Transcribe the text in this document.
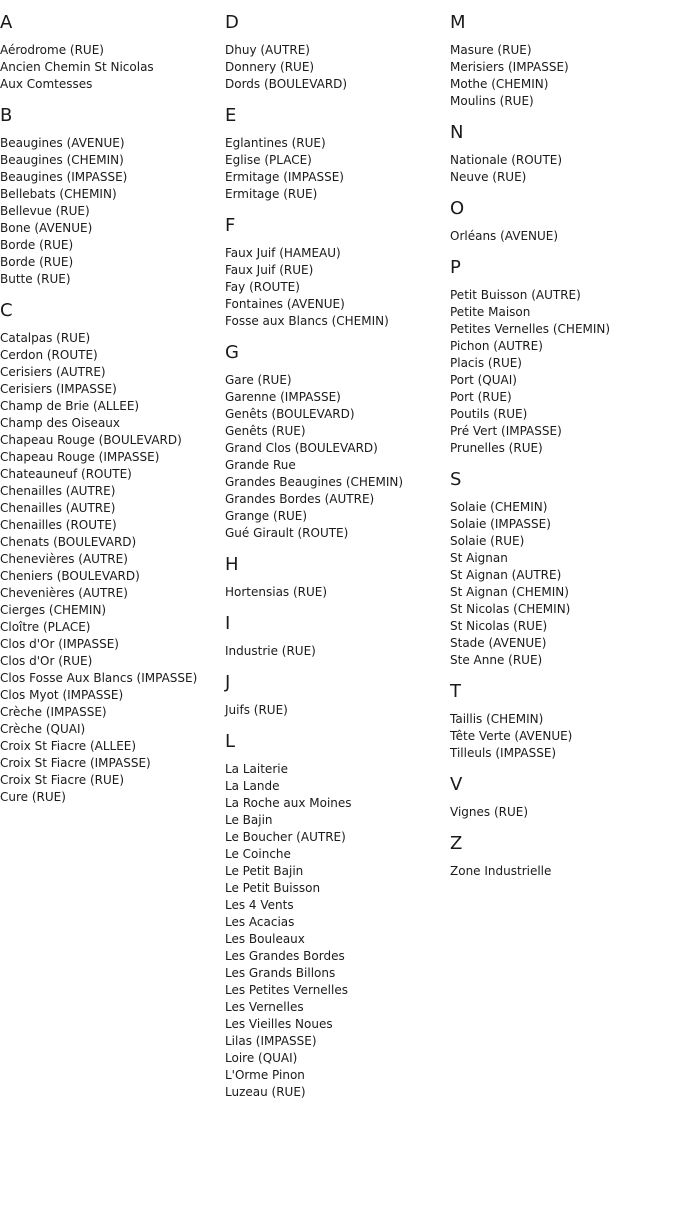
A
Aérodrome (RUE)
Ancien Chemin St Nicolas
Aux Comtesses
B
Beaugines (AVENUE)
Beaugines (CHEMIN)
Beaugines (IMPASSE)
Bellebats (CHEMIN)
Bellevue (RUE)
Bone (AVENUE)
Borde (RUE)
Borde (RUE)
Butte (RUE)
C
Catalpas (RUE)
Cerdon (ROUTE)
Cerisiers (AUTRE)
Cerisiers (IMPASSE)
Champ de Brie (ALLEE)
Champ des Oiseaux
Chapeau Rouge (BOULEVARD)
Chapeau Rouge (IMPASSE)
Chateauneuf (ROUTE)
Chenailles (AUTRE)
Chenailles (AUTRE)
Chenailles (ROUTE)
Chenats (BOULEVARD)
Chenevières (AUTRE)
Cheniers (BOULEVARD)
Chevenières (AUTRE)
Cierges (CHEMIN)
Cloître (PLACE)
Clos d'Or (IMPASSE)
Clos d'Or (RUE)
Clos Fosse Aux Blancs (IMPASSE)
Clos Myot (IMPASSE)
Crèche (IMPASSE)
Crèche (QUAI)
Croix St Fiacre (ALLEE)
Croix St Fiacre (IMPASSE)
Croix St Fiacre (RUE)
Cure (RUE)
D
Dhuy (AUTRE)
Donnery (RUE)
Dords (BOULEVARD)
E
Eglantines (RUE)
Eglise (PLACE)
Ermitage (IMPASSE)
Ermitage (RUE)
F
Faux Juif (HAMEAU)
Faux Juif (RUE)
Fay (ROUTE)
Fontaines (AVENUE)
Fosse aux Blancs (CHEMIN)
G
Gare (RUE)
Garenne (IMPASSE)
Genêts (BOULEVARD)
Genêts (RUE)
Grand Clos (BOULEVARD)
Grande Rue
Grandes Beaugines (CHEMIN)
Grandes Bordes (AUTRE)
Grange (RUE)
Gué Girault (ROUTE)
H
Hortensias (RUE)
I
Industrie (RUE)
J
Juifs (RUE)
L
La Laiterie
La Lande
La Roche aux Moines
Le Bajin
Le Boucher (AUTRE)
Le Coinche
Le Petit Bajin
Le Petit Buisson
Les 4 Vents
Les Acacias
Les Bouleaux
Les Grandes Bordes
Les Grands Billons
Les Petites Vernelles
Les Vernelles
Les Vieilles Noues
Lilas (IMPASSE)
Loire (QUAI)
L'Orme Pinon
Luzeau (RUE)
M
Masure (RUE)
Merisiers (IMPASSE)
Mothe (CHEMIN)
Moulins (RUE)
N
Nationale (ROUTE)
Neuve (RUE)
O
Orléans (AVENUE)
P
Petit Buisson (AUTRE)
Petite Maison
Petites Vernelles (CHEMIN)
Pichon (AUTRE)
Placis (RUE)
Port (QUAI)
Port (RUE)
Poutils (RUE)
Pré Vert (IMPASSE)
Prunelles (RUE)
S
Solaie (CHEMIN)
Solaie (IMPASSE)
Solaie (RUE)
St Aignan
St Aignan (AUTRE)
St Aignan (CHEMIN)
St Nicolas (CHEMIN)
St Nicolas (RUE)
Stade (AVENUE)
Ste Anne (RUE)
T
Taillis (CHEMIN)
Tête Verte (AVENUE)
Tilleuls (IMPASSE)
V
Vignes (RUE)
Z
Zone Industrielle
